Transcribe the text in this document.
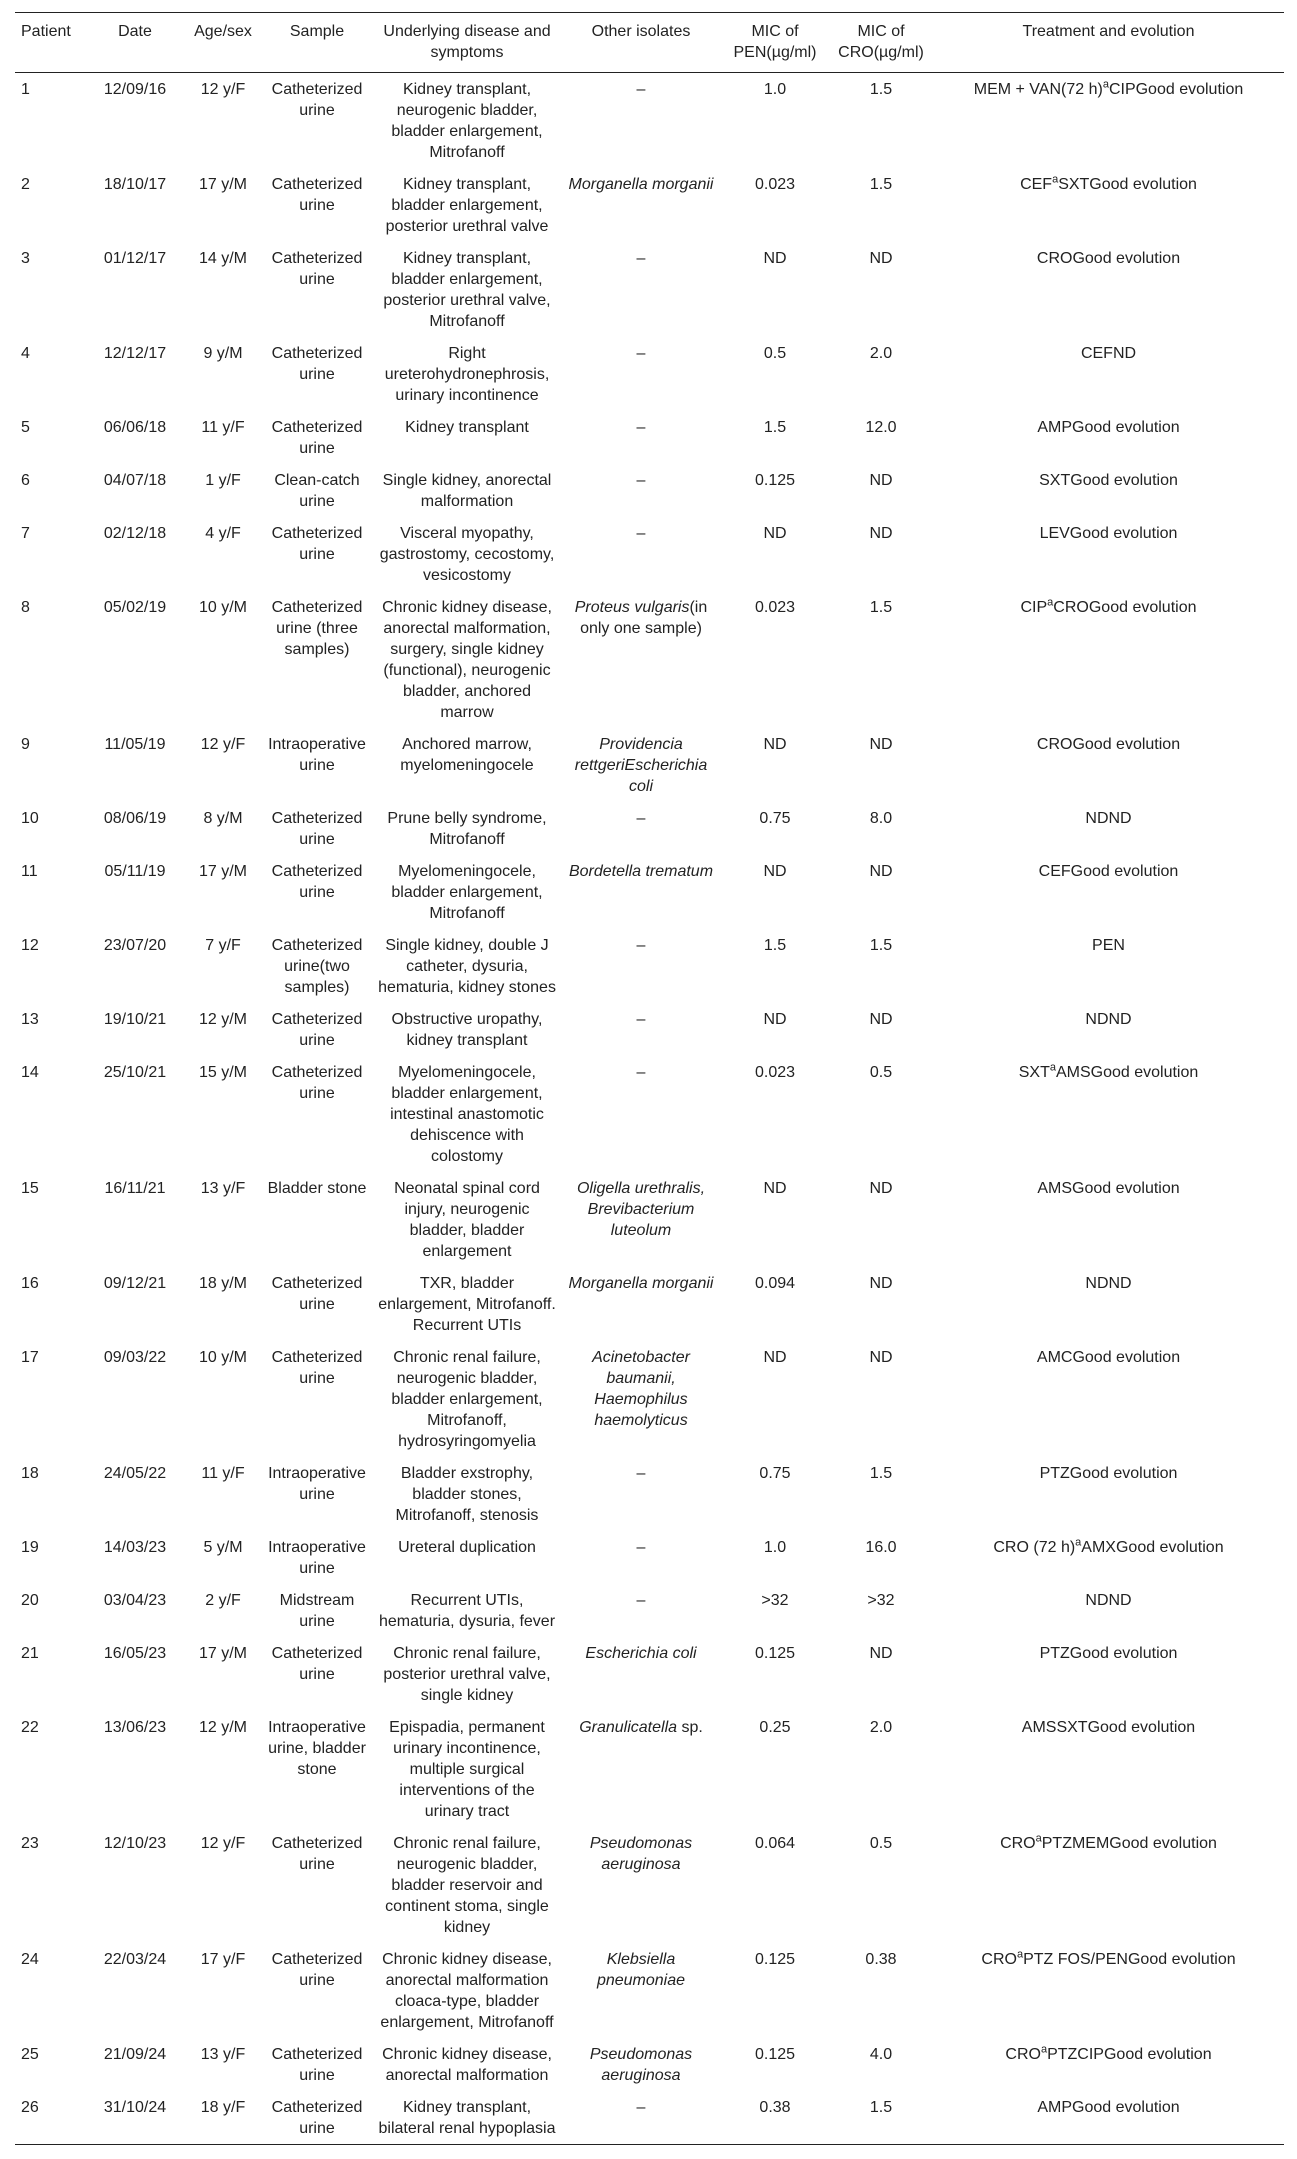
Patient	Date	Age/sex	Sample	Underlying disease and symptoms	Other isolates	MIC of PEN(µg/ml)	MIC of CRO(µg/ml)	Treatment and evolution
1	12/09/16	12 y/F	Catheterized urine	Kidney transplant, neurogenic bladder, bladder enlargement, Mitrofanoff	–	1.0	1.5	MEM + VAN(72 h)$^a$CIPGood evolution
2	18/10/17	17 y/M	Catheterized urine	Kidney transplant, bladder enlargement, posterior urethral valve	Morganella morganii	0.023	1.5	CEF$^a$SXTGood evolution
3	01/12/17	14 y/M	Catheterized urine	Kidney transplant, bladder enlargement, posterior urethral valve, Mitrofanoff	–	ND	ND	CROGood evolution
4	12/12/17	9 y/M	Catheterized urine	Right ureterohydronephrosis, urinary incontinence	–	0.5	2.0	CEFND
5	06/06/18	11 y/F	Catheterized urine	Kidney transplant	–	1.5	12.0	AMPGood evolution
6	04/07/18	1 y/F	Clean-catch urine	Single kidney, anorectal malformation	–	0.125	ND	SXTGood evolution
7	02/12/18	4 y/F	Catheterized urine	Visceral myopathy, gastrostomy, cecostomy, vesicostomy	–	ND	ND	LEVGood evolution
8	05/02/19	10 y/M	Catheterized urine (three samples)	Chronic kidney disease, anorectal malformation, surgery, single kidney (functional), neurogenic bladder, anchored marrow	Proteus vulgaris(in only one sample)	0.023	1.5	CIP$^a$CROGood evolution
9	11/05/19	12 y/F	Intraoperative urine	Anchored marrow, myelomeningocele	Providencia rettgeriEscherichia coli	ND	ND	CROGood evolution
10	08/06/19	8 y/M	Catheterized urine	Prune belly syndrome, Mitrofanoff	–	0.75	8.0	NDND
11	05/11/19	17 y/M	Catheterized urine	Myelomeningocele, bladder enlargement, Mitrofanoff	Bordetella trematum	ND	ND	CEFGood evolution
12	23/07/20	7 y/F	Catheterized urine(two samples)	Single kidney, double J catheter, dysuria, hematuria, kidney stones	–	1.5	1.5	PEN
13	19/10/21	12 y/M	Catheterized urine	Obstructive uropathy, kidney transplant	–	ND	ND	NDND
14	25/10/21	15 y/M	Catheterized urine	Myelomeningocele, bladder enlargement, intestinal anastomotic dehiscence with colostomy	–	0.023	0.5	SXT$^a$AMSGood evolution
15	16/11/21	13 y/F	Bladder stone	Neonatal spinal cord injury, neurogenic bladder, bladder enlargement	Oligella urethralis, Brevibacterium luteolum	ND	ND	AMSGood evolution
16	09/12/21	18 y/M	Catheterized urine	TXR, bladder enlargement, Mitrofanoff. Recurrent UTIs	Morganella morganii	0.094	ND	NDND
17	09/03/22	10 y/M	Catheterized urine	Chronic renal failure, neurogenic bladder, bladder enlargement, Mitrofanoff, hydrosyringomyelia	Acinetobacter baumanii, Haemophilus haemolyticus	ND	ND	AMCGood evolution
18	24/05/22	11 y/F	Intraoperative urine	Bladder exstrophy, bladder stones, Mitrofanoff, stenosis	–	0.75	1.5	PTZGood evolution
19	14/03/23	5 y/M	Intraoperative urine	Ureteral duplication	–	1.0	16.0	CRO (72 h)$^a$AMXGood evolution
20	03/04/23	2 y/F	Midstream urine	Recurrent UTIs, hematuria, dysuria, fever	–	>32	>32	NDND
21	16/05/23	17 y/M	Catheterized urine	Chronic renal failure, posterior urethral valve, single kidney	Escherichia coli	0.125	ND	PTZGood evolution
22	13/06/23	12 y/M	Intraoperative urine, bladder stone	Epispadia, permanent urinary incontinence, multiple surgical interventions of the urinary tract	Granulicatella sp.	0.25	2.0	AMSSXTGood evolution
23	12/10/23	12 y/F	Catheterized urine	Chronic renal failure, neurogenic bladder, bladder reservoir and continent stoma, single kidney	Pseudomonas aeruginosa	0.064	0.5	CRO$^a$PTZMEMGood evolution
24	22/03/24	17 y/F	Catheterized urine	Chronic kidney disease, anorectal malformation cloaca-type, bladder enlargement, Mitrofanoff	Klebsiella pneumoniae	0.125	0.38	CRO$^a$PTZ FOS/PENGood evolution
25	21/09/24	13 y/F	Catheterized urine	Chronic kidney disease, anorectal malformation	Pseudomonas aeruginosa	0.125	4.0	CRO$^a$PTZCIPGood evolution
26	31/10/24	18 y/F	Catheterized urine	Kidney transplant, bilateral renal hypoplasia	–	0.38	1.5	AMPGood evolution
